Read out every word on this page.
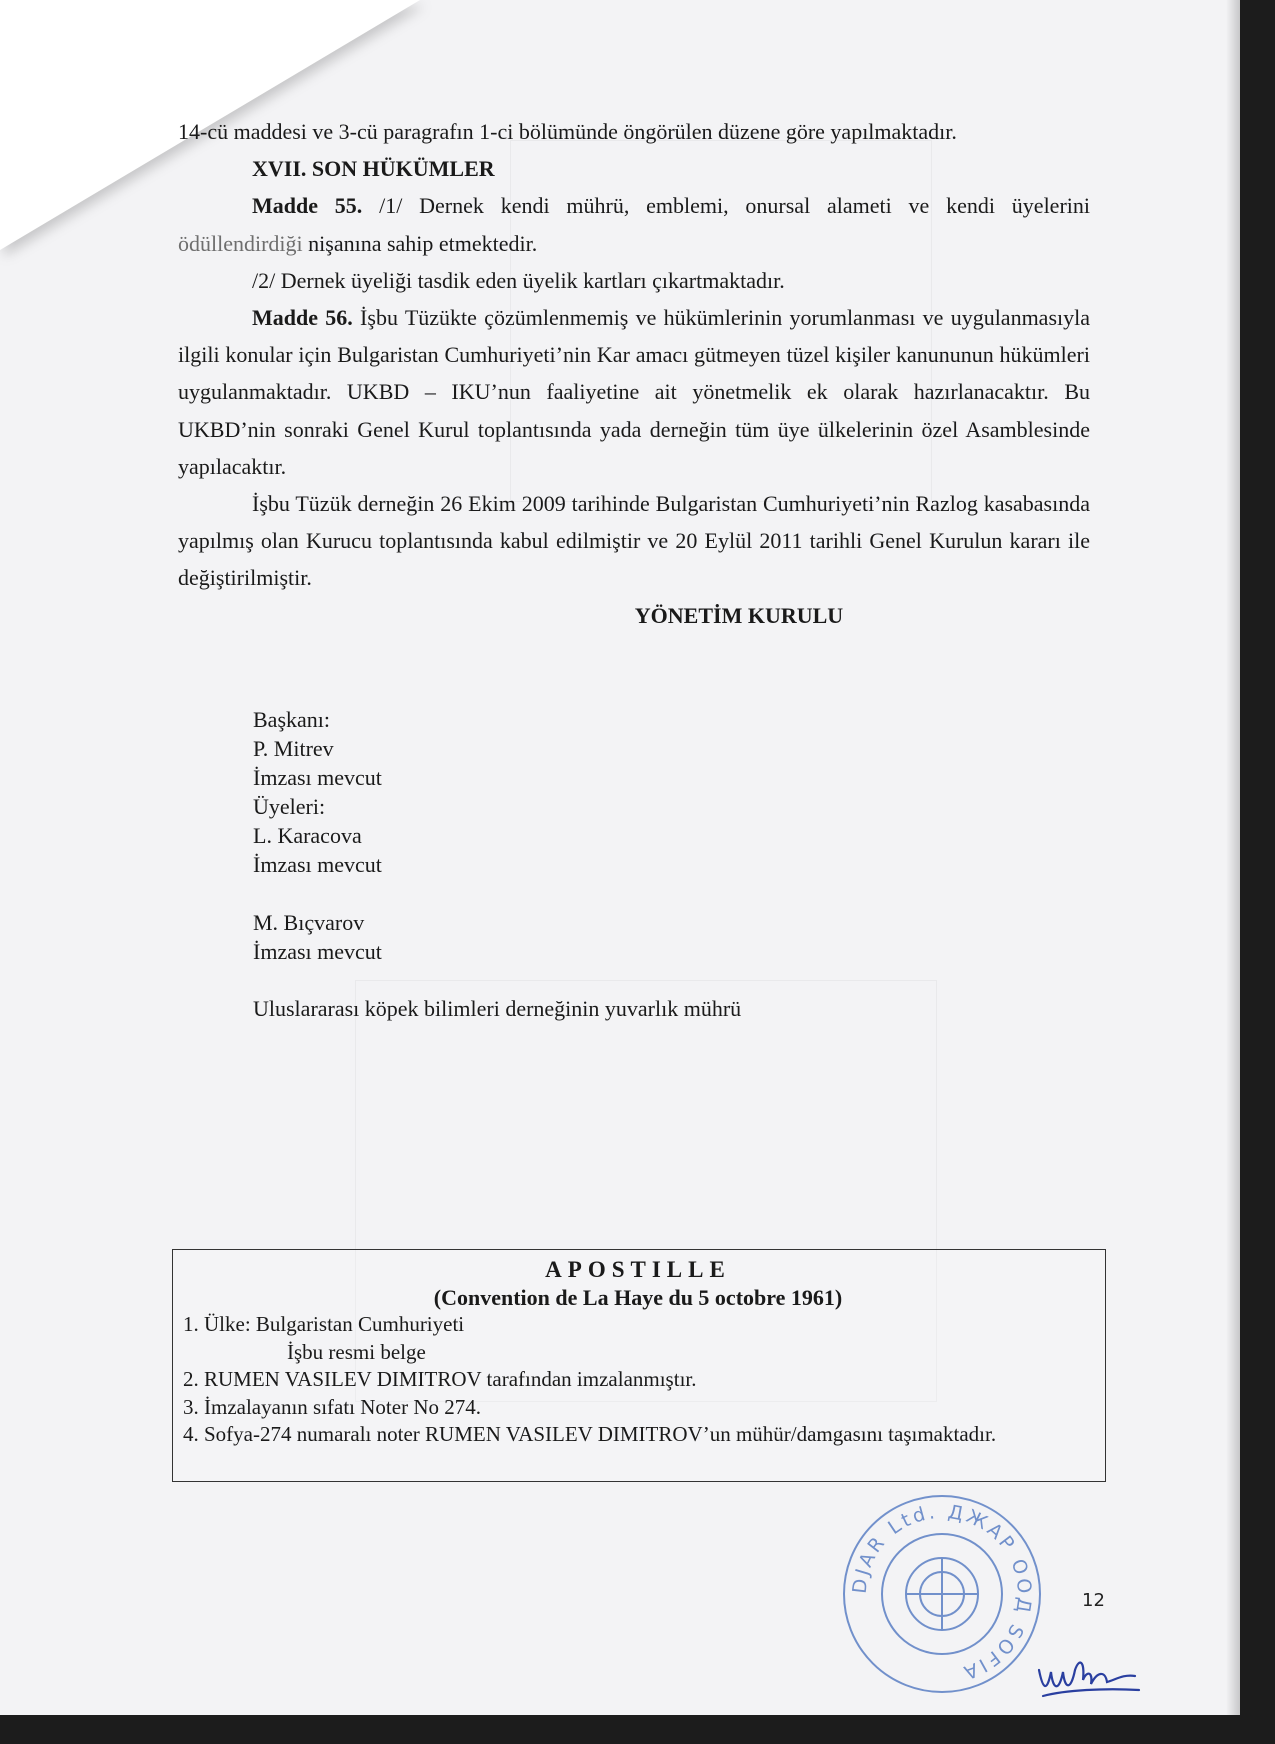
14-cü maddesi ve 3-cü paragrafın 1-ci bölümünde öngörülen düzene göre yapılmaktadır.

XVII. SON HÜKÜMLER

Madde 55. /1/ Dernek kendi mührü, emblemi, onursal alameti ve kendi üyelerini ödüllendirdiği nişanına sahip etmektedir.

/2/ Dernek üyeliği tasdik eden üyelik kartları çıkartmaktadır.

Madde 56. İşbu Tüzükte çözümlenmemiş ve hükümlerinin yorumlanması ve uygulanmasıyla ilgili konular için Bulgaristan Cumhuriyeti’nin Kar amacı gütmeyen tüzel kişiler kanununun hükümleri uygulanmaktadır. UKBD – IKU’nun faaliyetine ait yönetmelik ek olarak hazırlanacaktır. Bu UKBD’nin sonraki Genel Kurul toplantısında yada derneğin tüm üye ülkelerinin özel Asamblesinde yapılacaktır.

İşbu Tüzük derneğin 26 Ekim 2009 tarihinde Bulgaristan Cumhuriyeti’nin Razlog kasabasında yapılmış olan Kurucu toplantısında kabul edilmiştir ve 20 Eylül 2011 tarihli Genel Kurulun kararı ile değiştirilmiştir.

YÖNETİM KURULU

Başkanı:
P. Mitrev
İmzası mevcut
Üyeleri:
L. Karacova
İmzası mevcut
M. Bıçvarov
İmzası mevcut
Uluslararası köpek bilimleri derneğinin yuvarlık mührü
APOSTILLE
(Convention de La Haye du 5 octobre 1961)
1. Ülke: Bulgaristan Cumhuriyeti
İşbu resmi belge
2. RUMEN VASILEV DIMITROV tarafından imzalanmıştır.
3. İmzalayanın sıfatı Noter No 274.
4. Sofya-274 numaralı noter RUMEN VASILEV DIMITROV’un mühür/damgasını taşımaktadır.
DJAR Ltd. ДЖАР ООД SOFIA
12
